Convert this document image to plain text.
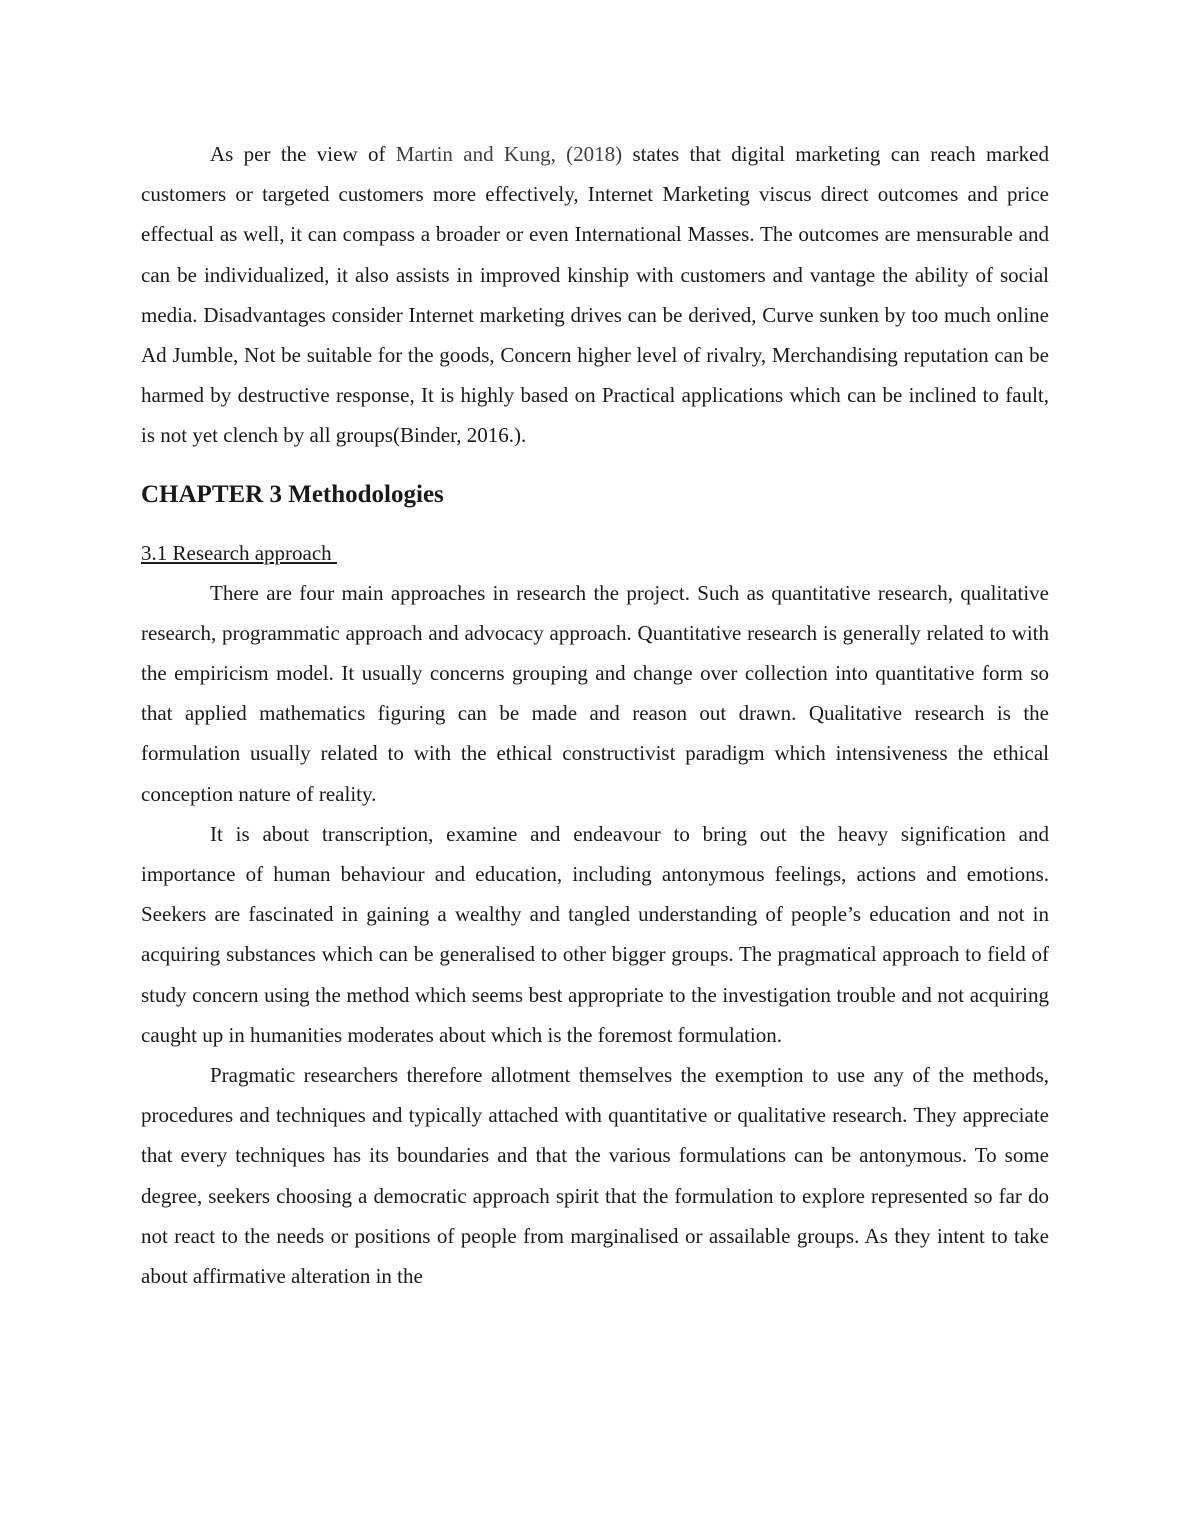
As per the view of Martin and Kung, (2018) states that digital marketing can reach marked customers or targeted customers more effectively, Internet Marketing viscus direct outcomes and price effectual as well, it can compass a broader or even International Masses. The outcomes are mensurable and can be individualized, it also assists in improved kinship with customers and vantage the ability of social media. Disadvantages consider Internet marketing drives can be derived, Curve sunken by too much online Ad Jumble, Not be suitable for the goods, Concern higher level of rivalry, Merchandising reputation can be harmed by destructive response, It is highly based on Practical applications which can be inclined to fault, is not yet clench by all groups(Binder, 2016.).

CHAPTER 3 Methodologies
3.1 Research approach

There are four main approaches in research the project. Such as quantitative research, qualitative research, programmatic approach and advocacy approach. Quantitative research is generally related to with the empiricism model. It usually concerns grouping and change over collection into quantitative form so that applied mathematics figuring can be made and reason out drawn. Qualitative research is the formulation usually related to with the ethical constructivist paradigm which intensiveness the ethical conception nature of reality.

It is about transcription, examine and endeavour to bring out the heavy signification and importance of human behaviour and education, including antonymous feelings, actions and emotions. Seekers are fascinated in gaining a wealthy and tangled understanding of people’s education and not in acquiring substances which can be generalised to other bigger groups. The pragmatical approach to field of study concern using the method which seems best appropriate to the investigation trouble and not acquiring caught up in humanities moderates about which is the foremost formulation.

Pragmatic researchers therefore allotment themselves the exemption to use any of the methods, procedures and techniques and typically attached with quantitative or qualitative research. They appreciate that every techniques has its boundaries and that the various formulations can be antonymous. To some degree, seekers choosing a democratic approach spirit that the formulation to explore represented so far do not react to the needs or positions of people from marginalised or assailable groups. As they intent to take about affirmative alteration in the
